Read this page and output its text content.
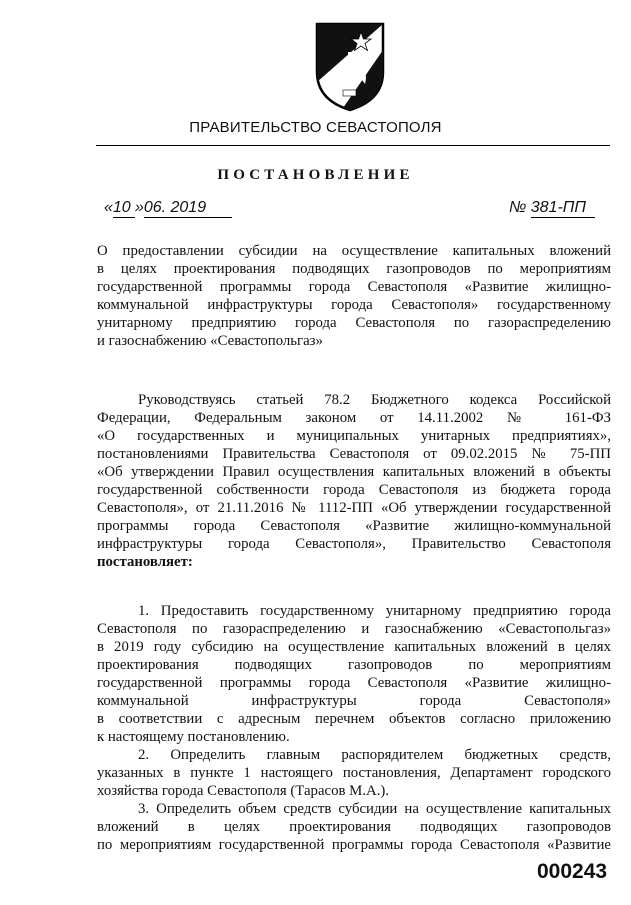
ПРАВИТЕЛЬСТВО СЕВАСТОПОЛЯ
ПОСТАНОВЛЕНИЕ
«10 »06. 2019	№ 381-ПП
О предоставлении субсидии на осуществление капитальных вложений
в целях проектирования подводящих газопроводов по мероприятиям
государственной программы города Севастополя «Развитие жилищно-
коммунальной инфраструктуры города Севастополя» государственному
унитарному предприятию города Севастополя по газораспределению
и газоснабжению «Севастопольгаз»
Руководствуясь статьей 78.2 Бюджетного кодекса Российской
Федерации, Федеральным законом от 14.11.2002 № 161-ФЗ
«О государственных и муниципальных унитарных предприятиях»,
постановлениями Правительства Севастополя от 09.02.2015 № 75-ПП
«Об утверждении Правил осуществления капитальных вложений в объекты
государственной собственности города Севастополя из бюджета города
Севастополя», от 21.11.2016 № 1112-ПП «Об утверждении государственной
программы города Севастополя «Развитие жилищно-коммунальной
инфраструктуры города Севастополя», Правительство Севастополя
постановляет:
1. Предоставить государственному унитарному предприятию города
Севастополя по газораспределению и газоснабжению «Севастопольгаз»
в 2019 году субсидию на осуществление капитальных вложений в целях
проектирования подводящих газопроводов по мероприятиям
государственной программы города Севастополя «Развитие жилищно-
коммунальной инфраструктуры города Севастополя»
в соответствии с адресным перечнем объектов согласно приложению
к настоящему постановлению.
2. Определить главным распорядителем бюджетных средств,
указанных в пункте 1 настоящего постановления, Департамент городского
хозяйства города Севастополя (Тарасов М.А.).
3. Определить объем средств субсидии на осуществление капитальных
вложений в целях проектирования подводящих газопроводов
по мероприятиям государственной программы города Севастополя «Развитие
000243
